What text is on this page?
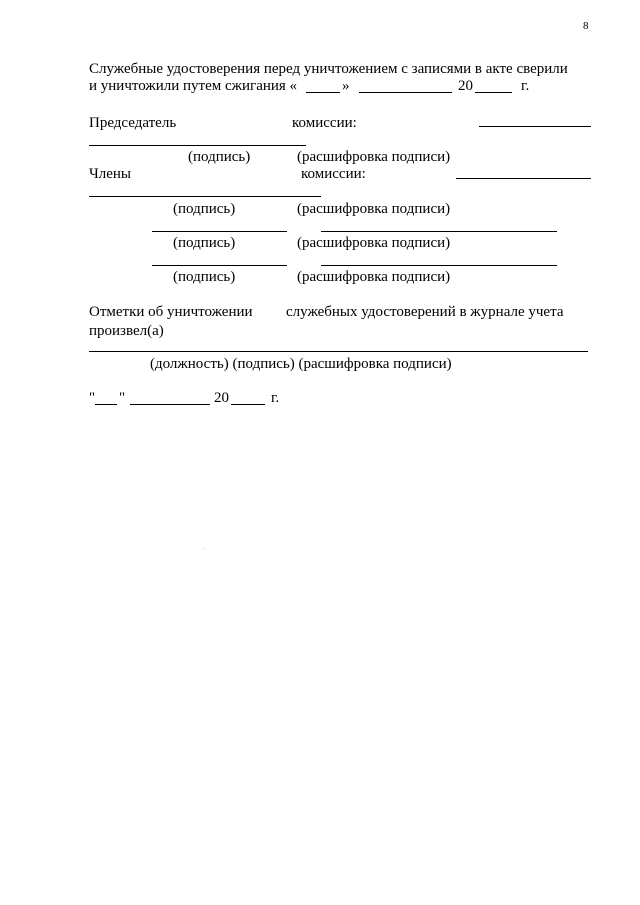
8
Служебные удостоверения перед уничтожением с записями в акте сверили
и уничтожили путем сжигания «	»	20	г.
Председатель	комиссии:
(подпись)	(расшифровка подписи)
Члены	комиссии:
(подпись)	(расшифровка подписи)
(подпись)	(расшифровка подписи)
(подпись)	(расшифровка подписи)
Отметки об уничтожении служебных удостоверений в журнале учета
произвел(а)
(должность) (подпись) (расшифровка подписи)
" "	20	г.
